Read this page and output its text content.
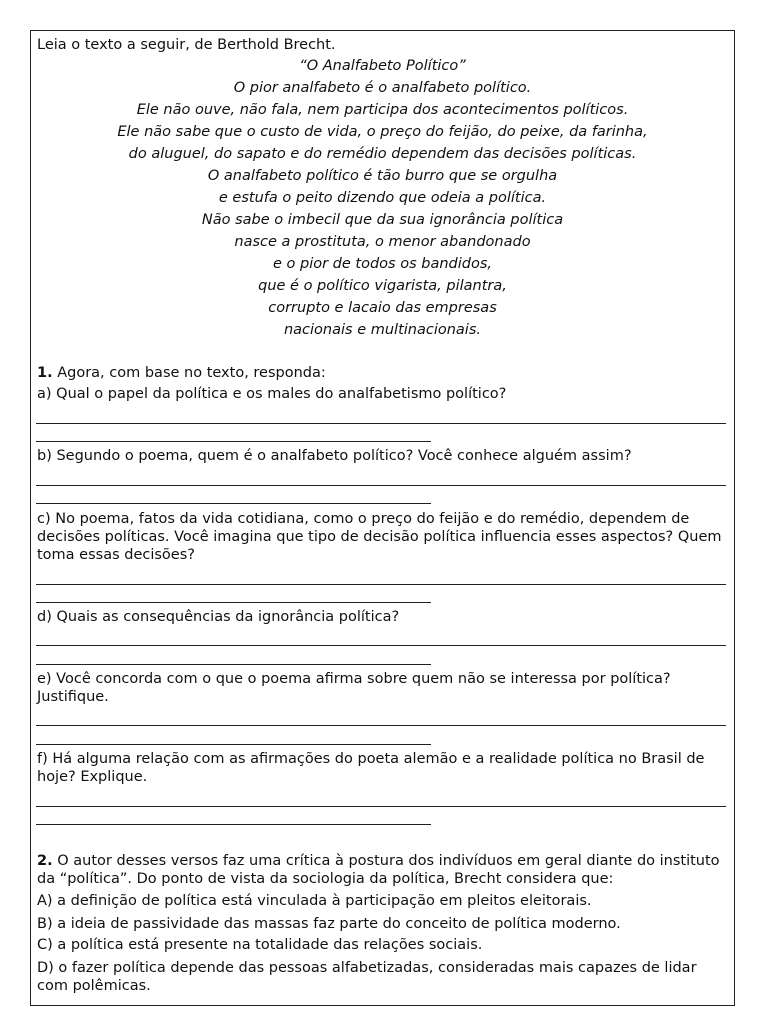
Leia o texto a seguir, de Berthold Brecht.
“O Analfabeto Político”
O pior analfabeto é o analfabeto político.
Ele não ouve, não fala, nem participa dos acontecimentos políticos.
Ele não sabe que o custo de vida, o preço do feijão, do peixe, da farinha,
do aluguel, do sapato e do remédio dependem das decisões políticas.
O analfabeto político é tão burro que se orgulha
e estufa o peito dizendo que odeia a política.
Não sabe o imbecil que da sua ignorância política
nasce a prostituta, o menor abandonado
e o pior de todos os bandidos,
que é o político vigarista, pilantra,
corrupto e lacaio das empresas
nacionais e multinacionais.
1. Agora, com base no texto, responda:
a) Qual o papel da política e os males do analfabetismo político?
b) Segundo o poema, quem é o analfabeto político? Você conhece alguém assim?
c) No poema, fatos da vida cotidiana, como o preço do feijão e do remédio, dependem de decisões políticas. Você imagina que tipo de decisão política influencia esses aspectos? Quem toma essas decisões?
d) Quais as consequências da ignorância política?
e) Você concorda com o que o poema afirma sobre quem não se interessa por política? Justifique.
f) Há alguma relação com as afirmações do poeta alemão e a realidade política no Brasil de hoje? Explique.
2. O autor desses versos faz uma crítica à postura dos indivíduos em geral diante do instituto da “política”. Do ponto de vista da sociologia da política, Brecht considera que:
A) a definição de política está vinculada à participação em pleitos eleitorais.
B) a ideia de passividade das massas faz parte do conceito de política moderno.
C) a política está presente na totalidade das relações sociais.
D) o fazer política depende das pessoas alfabetizadas, consideradas mais capazes de lidar com polêmicas.
